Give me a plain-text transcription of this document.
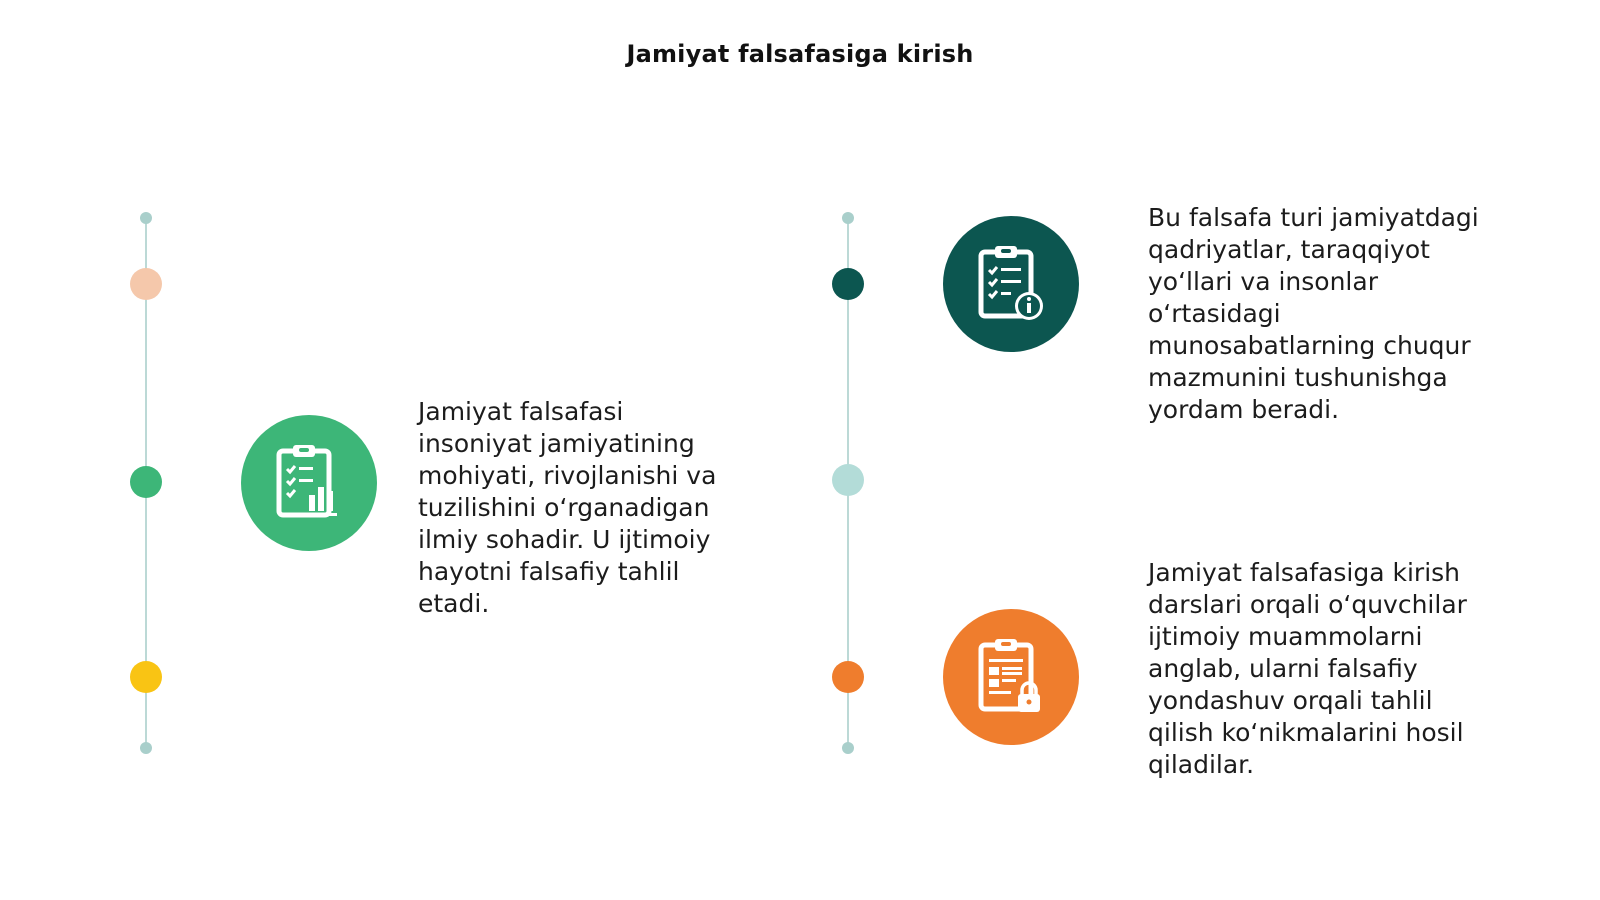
Jamiyat falsafasiga kirish

Jamiyat falsafasi
insoniyat jamiyatining
mohiyati, rivojlanishi va
tuzilishini o‘rganadigan
ilmiy sohadir. U ijtimoiy
hayotni falsafiy tahlil
etadi.

Bu falsafa turi jamiyatdagi
qadriyatlar, taraqqiyot
yo‘llari va insonlar
o‘rtasidagi
munosabatlarning chuqur
mazmunini tushunishga
yordam beradi.

Jamiyat falsafasiga kirish
darslari orqali o‘quvchilar
ijtimoiy muammolarni
anglab, ularni falsafiy
yondashuv orqali tahlil
qilish ko‘nikmalarini hosil
qiladilar.
